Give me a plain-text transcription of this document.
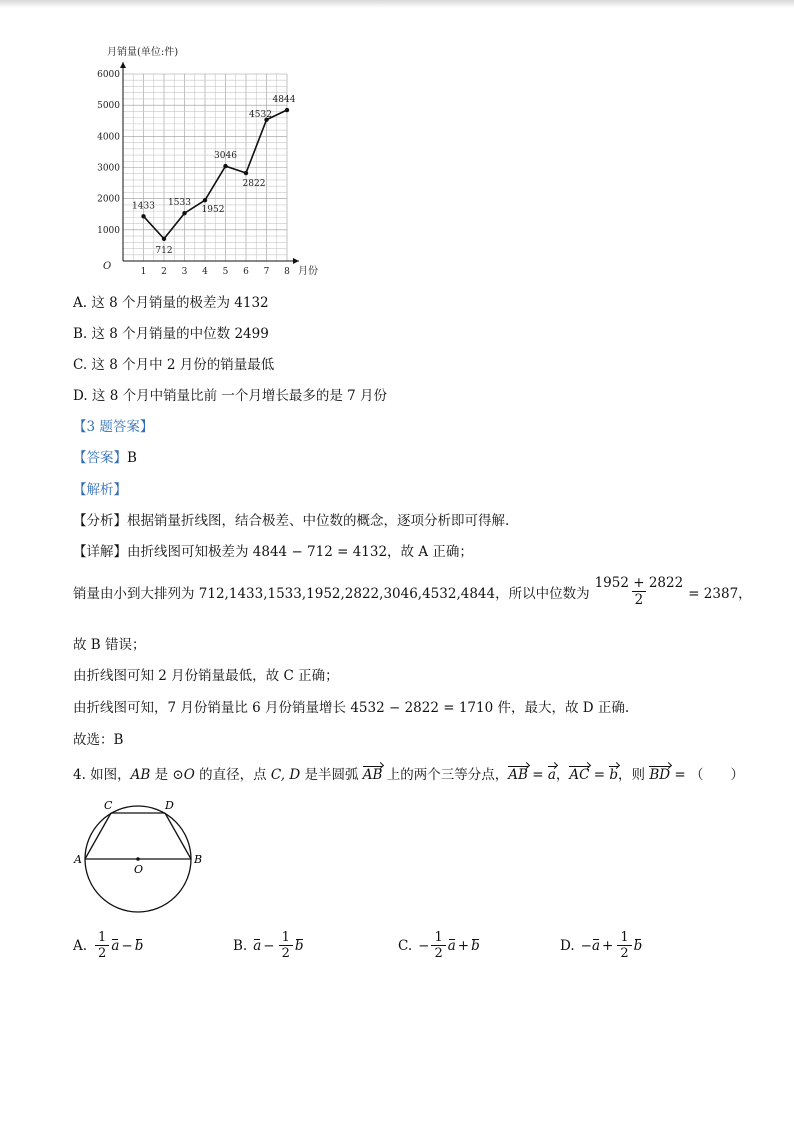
月销量(单位:件)
1000
2000
3000
4000
5000
6000
1 2 3 4 5 6 7 8
1433
712
1533
1952
3046
2822
4532
4844
O	月份
A. 这 8 个月销量的极差为 4132
B. 这 8 个月销量的中位数 2499
C. 这 8 个月中 2 月份的销量最低
D. 这 8 个月中销量比前 一个月增长最多的是 7 月份
【3 题答案】
【答案】B
【解析】
【分析】根据销量折线图，结合极差、中位数的概念，逐项分析即可得解.
【详解】由折线图可知极差为 4844 − 712 = 4132，故 A 正确；
销量由小到大排列为 712,1433,1533,1952,2822,3046,4532,4844，所以中位数为 $\frac{1952 + 2822}{2} = 2387$，
故 B 错误；
由折线图可知 2 月份销量最低，故 C 正确；
由折线图可知，7 月份销量比 6 月份销量增长 4532 − 2822 = 1710 件，最大，故 D 正确.
故选：B
4. 如图，AB 是 ⊙O 的直径，点 C, D 是半圆弧 AB 上的两个三等分点，AB = a，AC = b，则 BD = （　　）
C	D
A	B
O
A. $\frac{1}{2}$ a − b	B. $a - \frac{1}{2}$ b	C. − $\frac{1}{2}$ a + b	D. − $a + \frac{1}{2}$ b
